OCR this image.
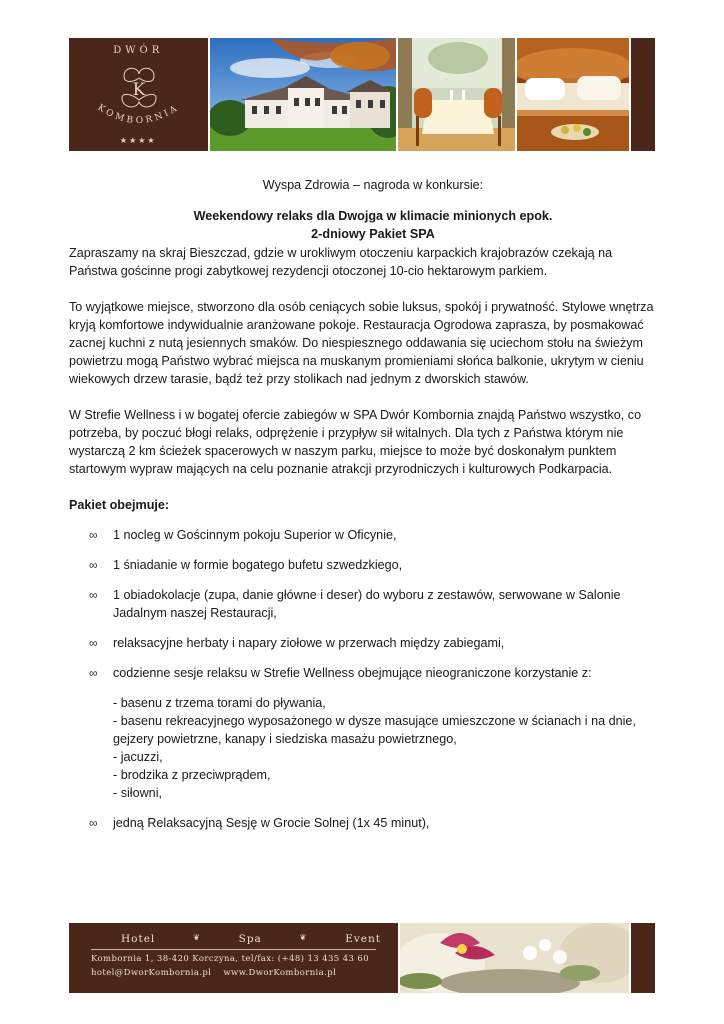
DWÓR
K
KOMBORNIA
★★★★

Wyspa Zdrowia – nagroda w konkursie:

Weekendowy relaks dla Dwojga w klimacie minionych epok.

2-dniowy Pakiet SPA

Zapraszamy na skraj Bieszczad, gdzie w urokliwym otoczeniu karpackich krajobrazów czekają na Państwa gościnne progi zabytkowej rezydencji otoczonej 10-cio hektarowym parkiem.

To wyjątkowe miejsce, stworzono dla osób ceniących sobie luksus, spokój i prywatność. Stylowe wnętrza kryją komfortowe indywidualnie aranżowane pokoje. Restauracja Ogrodowa zaprasza, by posmakować zacnej kuchni z nutą jesiennych smaków. Do niespiesznego oddawania się uciechom stołu na świeżym powietrzu mogą Państwo wybrać miejsca na muskanym promieniami słońca balkonie, ukrytym w cieniu wiekowych drzew tarasie, bądź też przy stolikach nad jednym z dworskich stawów.

W Strefie Wellness i w bogatej ofercie zabiegów w SPA Dwór Kombornia znajdą Państwo wszystko, co potrzeba, by poczuć błogi relaks, odprężenie i przypływ sił witalnych. Dla tych z Państwa którym nie wystarczą 2 km ścieżek spacerowych w naszym parku, miejsce to może być doskonałym punktem startowym wypraw mających na celu poznanie atrakcji przyrodniczych i kulturowych Podkarpacia.

Pakiet obejmuje:

∞ 1 nocleg w Gościnnym pokoju Superior w Oficynie,
∞ 1 śniadanie w formie bogatego bufetu szwedzkiego,
∞ 1 obiadokolacje (zupa, danie główne i deser) do wyboru z zestawów, serwowane w Salonie Jadalnym naszej Restauracji,
∞ relaksacyjne herbaty i napary ziołowe w przerwach między zabiegami,
∞ codzienne sesje relaksu w Strefie Wellness obejmujące nieograniczone korzystanie z:
- basenu z trzema torami do pływania,
- basenu rekreacyjnego wyposażonego w dysze masujące umieszczone w ścianach i na dnie, gejzery powietrzne, kanapy i siedziska masażu powietrznego,
- jacuzzi,
- brodzika z przeciwprądem,
- siłowni,
∞ jedną Relaksacyjną Sesję w Grocie Solnej (1x 45 minut),
Hotel	❦	Spa	❦	Event
Kombornia 1, 38-420 Korczyna, tel/fax: (+48) 13 435 43 60
hotel@DworKombornia.pl www.DworKombornia.pl
